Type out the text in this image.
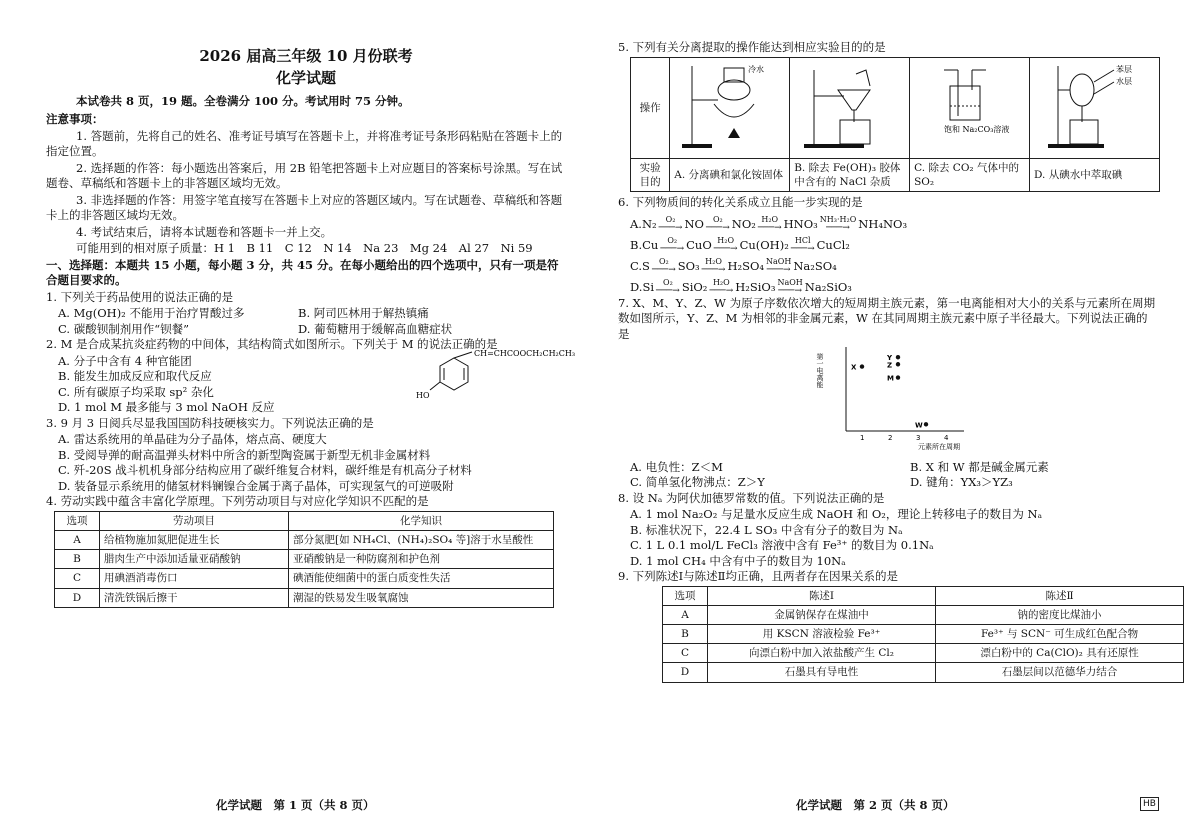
2026 届高三年级 10 月份联考
化学试题
本试卷共 8 页，19 题。全卷满分 100 分。考试用时 75 分钟。

注意事项：

1. 答题前，先将自己的姓名、准考证号填写在答题卡上，并将准考证号条形码粘贴在答题卡上的指定位置。

2. 选择题的作答：每小题选出答案后，用 2B 铅笔把答题卡上对应题目的答案标号涂黑。写在试题卷、草稿纸和答题卡上的非答题区域均无效。

3. 非选择题的作答：用签字笔直接写在答题卡上对应的答题区域内。写在试题卷、草稿纸和答题卡上的非答题区域均无效。

4. 考试结束后，请将本试题卷和答题卡一并上交。

可能用到的相对原子质量：H 1　B 11　C 12　N 14　Na 23　Mg 24　Al 27　Ni 59

一、选择题：本题共 15 小题，每小题 3 分，共 45 分。在每小题给出的四个选项中，只有一项是符合题目要求的。

1. 下列关于药品使用的说法正确的是

A. Mg(OH)₂ 不能用于治疗胃酸过多	B. 阿司匹林用于解热镇痛
C. 碳酸钡制剂用作“钡餐”	D. 葡萄糖用于缓解高血糖症状

2. M 是合成某抗炎症药物的中间体，其结构简式如图所示。下列关于 M 的说法正确的是

A. 分子中含有 4 种官能团
B. 能发生加成反应和取代反应
C. 所有碳原子均采取 sp² 杂化
D. 1 mol M 最多能与 3 mol NaOH 反应
CH=CHCOOCH₂CH₂CH₃
HO

3. 9 月 3 日阅兵尽显我国国防科技硬核实力。下列说法正确的是

A. 雷达系统用的单晶硅为分子晶体，熔点高、硬度大
B. 受阅导弹的耐高温弹头材料中所含的新型陶瓷属于新型无机非金属材料
C. 歼-20S 战斗机机身部分结构应用了碳纤维复合材料，碳纤维是有机高分子材料
D. 装备显示系统用的储氢材料镧镍合金属于离子晶体，可实现氢气的可逆吸附

4. 劳动实践中蕴含丰富化学原理。下列劳动项目与对应化学知识不匹配的是

选项	劳动项目	化学知识
A	给植物施加氮肥促进生长	部分氮肥[如 NH₄Cl、(NH₄)₂SO₄ 等]溶于水呈酸性
B	腊肉生产中添加适量亚硝酸钠	亚硝酸钠是一种防腐剂和护色剂
C	用碘酒消毒伤口	碘酒能使细菌中的蛋白质变性失活
D	清洗铁锅后擦干	潮湿的铁易发生吸氧腐蚀
化学试题　第 1 页（共 8 页）

5. 下列有关分离提取的操作能达到相应实验目的的是

操作	冷水		饱和 Na₂CO₃溶液	苯层
水层

实验目的	A. 分离碘和氯化铵固体	B. 除去 Fe(OH)₃ 胶体中含有的 NaCl 杂质	C. 除去 CO₂ 气体中的 SO₂	D. 从碘水中萃取碘

6. 下列物质间的转化关系成立且能一步实现的是

A. N₂ O₂
───→ NO O₂
───→ NO₂ H₂O
───→ HNO₃ NH₃·H₂O
───→ NH₄NO₃
B. Cu O₂
───→ CuO H₂O
───→ Cu(OH)₂ HCl
───→ CuCl₂
C. S O₂
───→ SO₃ H₂O
───→ H₂SO₄ NaOH
───→ Na₂SO₄
D. Si O₂
───→ SiO₂ H₂O
───→ H₂SiO₃ NaOH
───→ Na₂SiO₃

7. X、M、Y、Z、W 为原子序数依次增大的短周期主族元素，第一电离能相对大小的关系与元素所在周期数如图所示，Y、Z、M 为相邻的非金属元素，W 在其同周期主族元素中原子半径最大。下列说法正确的是

1	2	3	4
元素所在周期
第一电离能	X
Y
Z
M
W
A. 电负性：Z＜M	B. X 和 W 都是碱金属元素
C. 简单氢化物沸点：Z＞Y	D. 键角：YX₃＞YZ₃

8. 设 Nₐ 为阿伏加德罗常数的值。下列说法正确的是

A. 1 mol Na₂O₂ 与足量水反应生成 NaOH 和 O₂，理论上转移电子的数目为 Nₐ
B. 标准状况下，22.4 L SO₃ 中含有分子的数目为 Nₐ
C. 1 L 0.1 mol/L FeCl₃ 溶液中含有 Fe³⁺ 的数目为 0.1Nₐ
D. 1 mol CH₄ 中含有中子的数目为 10Nₐ

9. 下列陈述Ⅰ与陈述Ⅱ均正确，且两者存在因果关系的是

选项	陈述Ⅰ	陈述Ⅱ
A	金属钠保存在煤油中	钠的密度比煤油小
B	用 KSCN 溶液检验 Fe³⁺	Fe³⁺ 与 SCN⁻ 可生成红色配合物
C	向漂白粉中加入浓盐酸产生 Cl₂	漂白粉中的 Ca(ClO)₂ 具有还原性
D	石墨具有导电性	石墨层间以范德华力结合
化学试题　第 2 页（共 8 页）	HB
